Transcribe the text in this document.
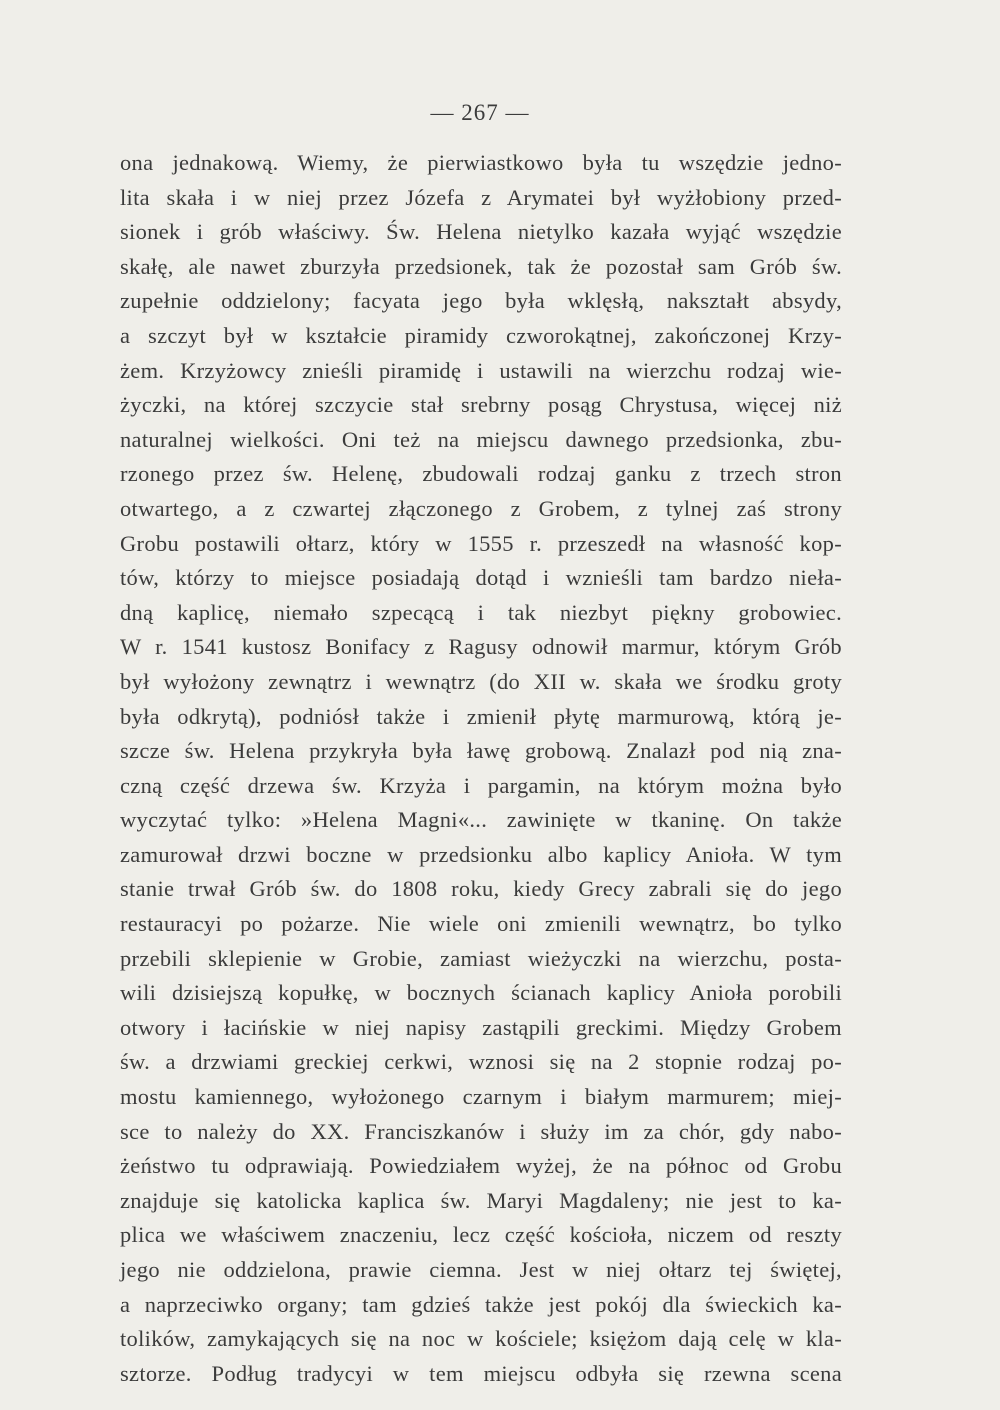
— 267 —
ona jednakową. Wiemy, że pierwiastkowo była tu wszędzie jedno-
lita skała i w niej przez Józefa z Arymatei był wyżłobiony przed-
sionek i grób właściwy. Św. Helena nietylko kazała wyjąć wszędzie
skałę, ale nawet zburzyła przedsionek, tak że pozostał sam Grób św.
zupełnie oddzielony; facyata jego była wklęsłą, nakształt absydy,
a szczyt był w kształcie piramidy czworokątnej, zakończonej Krzy-
żem. Krzyżowcy znieśli piramidę i ustawili na wierzchu rodzaj wie-
życzki, na której szczycie stał srebrny posąg Chrystusa, więcej niż
naturalnej wielkości. Oni też na miejscu dawnego przedsionka, zbu-
rzonego przez św. Helenę, zbudowali rodzaj ganku z trzech stron
otwartego, a z czwartej złączonego z Grobem, z tylnej zaś strony
Grobu postawili ołtarz, który w 1555 r. przeszedł na własność kop-
tów, którzy to miejsce posiadają dotąd i wznieśli tam bardzo nieła-
dną kaplicę, niemało szpecącą i tak niezbyt piękny grobowiec.
W r. 1541 kustosz Bonifacy z Ragusy odnowił marmur, którym Grób
był wyłożony zewnątrz i wewnątrz (do XII w. skała we środku groty
była odkrytą), podniósł także i zmienił płytę marmurową, którą je-
szcze św. Helena przykryła była ławę grobową. Znalazł pod nią zna-
czną część drzewa św. Krzyża i pargamin, na którym można było
wyczytać tylko: »Helena Magni«... zawinięte w tkaninę. On także
zamurował drzwi boczne w przedsionku albo kaplicy Anioła. W tym
stanie trwał Grób św. do 1808 roku, kiedy Grecy zabrali się do jego
restauracyi po pożarze. Nie wiele oni zmienili wewnątrz, bo tylko
przebili sklepienie w Grobie, zamiast wieżyczki na wierzchu, posta-
wili dzisiejszą kopułkę, w bocznych ścianach kaplicy Anioła porobili
otwory i łacińskie w niej napisy zastąpili greckimi. Między Grobem
św. a drzwiami greckiej cerkwi, wznosi się na 2 stopnie rodzaj po-
mostu kamiennego, wyłożonego czarnym i białym marmurem; miej-
sce to należy do XX. Franciszkanów i służy im za chór, gdy nabo-
żeństwo tu odprawiają. Powiedziałem wyżej, że na północ od Grobu
znajduje się katolicka kaplica św. Maryi Magdaleny; nie jest to ka-
plica we właściwem znaczeniu, lecz część kościoła, niczem od reszty
jego nie oddzielona, prawie ciemna. Jest w niej ołtarz tej świętej,
a naprzeciwko organy; tam gdzieś także jest pokój dla świeckich ka-
tolików, zamykających się na noc w kościele; księżom dają celę w kla-
sztorze. Podług tradycyi w tem miejscu odbyła się rzewna scena
